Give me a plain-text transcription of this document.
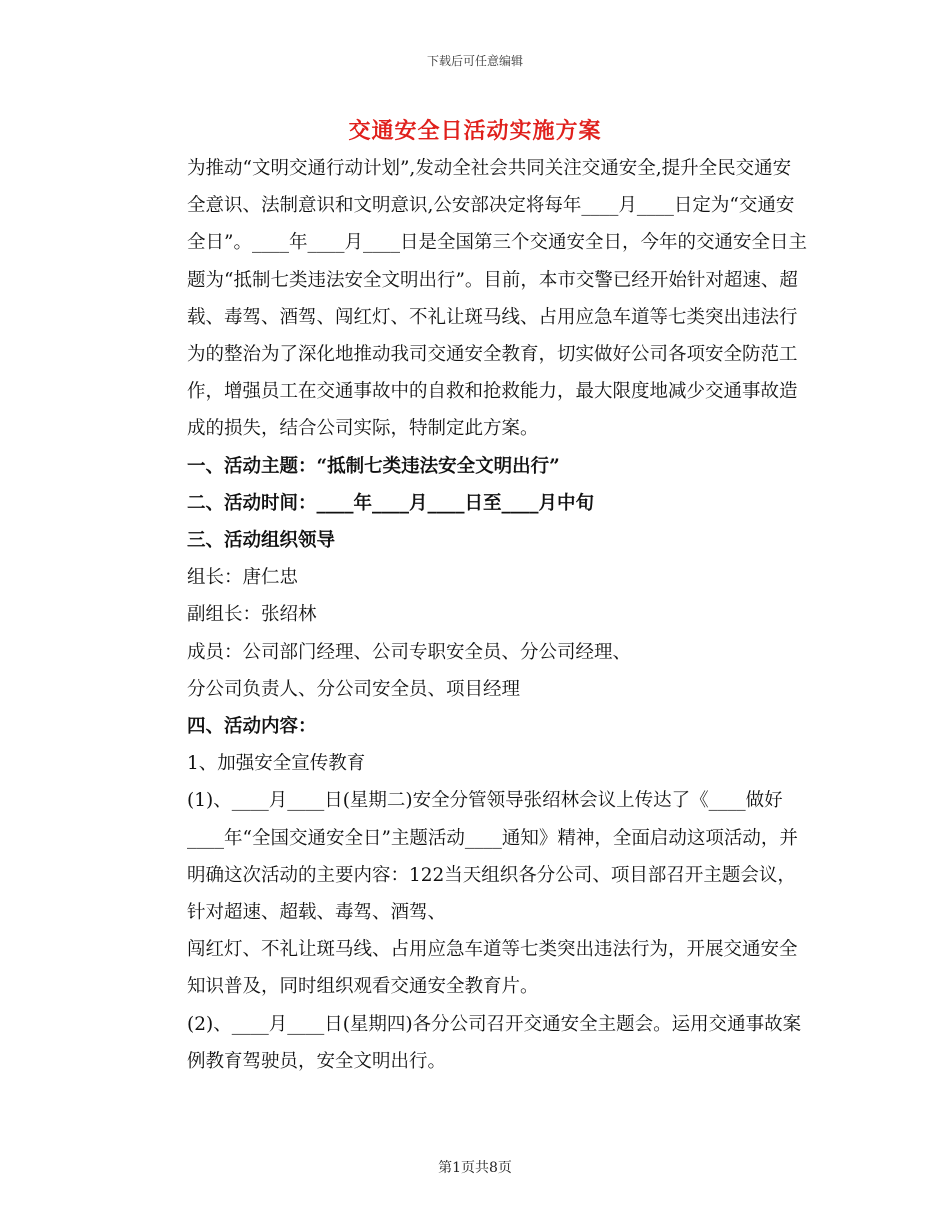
下载后可任意编辑
交通安全日活动实施方案

为推动“文明交通行动计划”,发动全社会共同关注交通安全,提升全民交通安全意识、法制意识和文明意识,公安部决定将每年____月____日定为“交通安全日”。____年____月____日是全国第三个交通安全日，今年的交通安全日主题为“抵制七类违法安全文明出行”。目前，本市交警已经开始针对超速、超载、毒驾、酒驾、闯红灯、不礼让斑马线、占用应急车道等七类突出违法行为的整治为了深化地推动我司交通安全教育，切实做好公司各项安全防范工作，增强员工在交通事故中的自救和抢救能力，最大限度地减少交通事故造成的损失，结合公司实际，特制定此方案。

一、活动主题：“抵制七类违法安全文明出行”

二、活动时间：____年____月____日至____月中旬

三、活动组织领导

组长：唐仁忠

副组长：张绍林

成员：公司部门经理、公司专职安全员、分公司经理、

分公司负责人、分公司安全员、项目经理

四、活动内容：

1、加强安全宣传教育

(1)、____月____日(星期二)安全分管领导张绍林会议上传达了《____做好____年“全国交通安全日”主题活动____通知》精神，全面启动这项活动，并明确这次活动的主要内容：122当天组织各分公司、项目部召开主题会议，针对超速、超载、毒驾、酒驾、

闯红灯、不礼让斑马线、占用应急车道等七类突出违法行为，开展交通安全知识普及，同时组织观看交通安全教育片。

(2)、____月____日(星期四)各分公司召开交通安全主题会。运用交通事故案例教育驾驶员，安全文明出行。

第1页共8页
